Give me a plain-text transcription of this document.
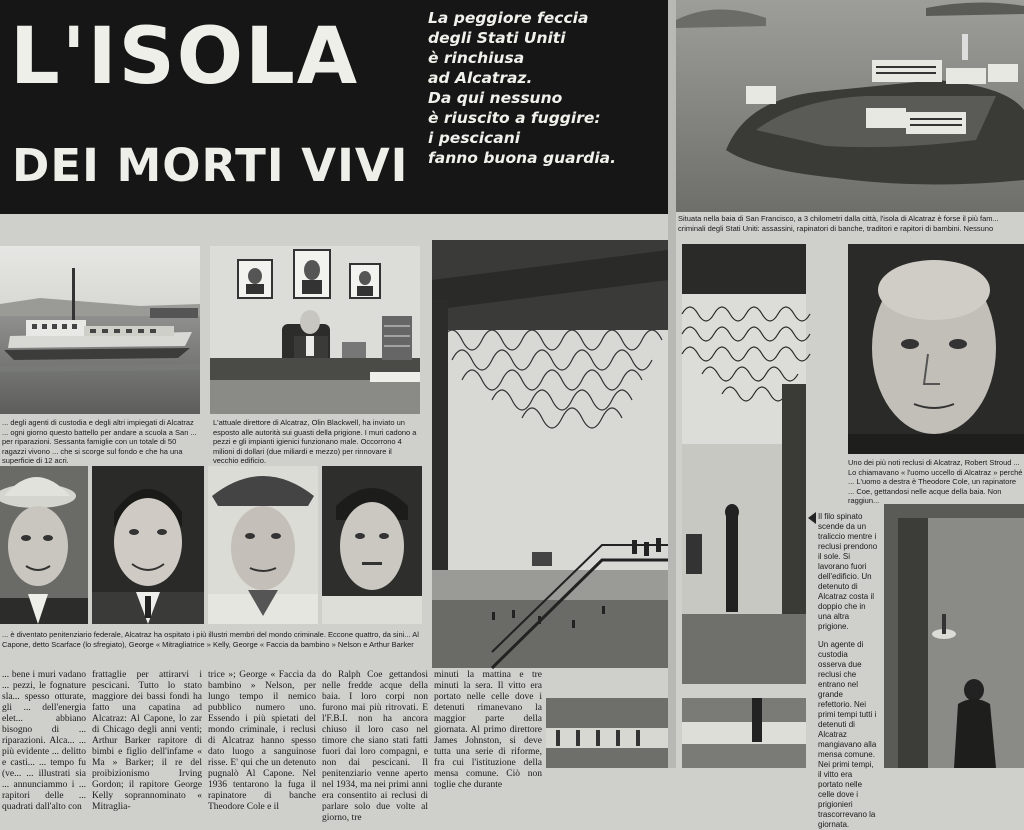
L'ISOLA
DEI MORTI VIVI
La peggiore feccia
degli Stati Uniti
è rinchiusa
ad Alcatraz.
Da qui nessuno
è riuscito a fuggire:
i pescicani
fanno buona guardia.
... degli agenti di custodia e degli altri impiegati di Alcatraz ... ogni giorno questo battello per andare a scuola a San ... per riparazioni. Sessanta famiglie con un totale di 50 ragazzi vivono ... che si scorge sul fondo e che ha una superficie di 12 acri.
L'attuale direttore di Alcatraz, Olin Blackwell, ha inviato un esposto alle autorità sui guasti della prigione. I muri cadono a pezzi e gli impianti igienici funzionano male. Occorrono 4 milioni di dollari (due miliardi e mezzo) per rinnovare il vecchio edificio.
... è diventato penitenziario federale, Alcatraz ha ospitato i più illustri membri del mondo criminale. Eccone quattro, da sini... Al Capone, detto Scarface (lo sfregiato), George « Mitragliatrice » Kelly, George « Faccia da bambino » Nelson e Arthur Barker
... bene i muri vadano ... pezzi, le fognature sla... spesso otturate, gli ... dell'energia elet... abbiano bisogno di ... riparazioni. Alca... ... più evidente ... delitto e casti... ... tempo fu (ve... ... illustrati sia ... annunciammo i ... rapitori delle ... quadrati dall'alto con
frattaglie per attirarvi i pescicani. Tutto lo stato maggiore dei bassi fondi ha fatto una capatina ad Alcatraz: Al Capone, lo zar di Chicago degli anni venti; Arthur Barker rapitore di bimbi e figlio dell'infame « Ma » Barker; il re del proibizionismo Irving Gordon; il rapitore George Kelly soprannominato « Mitraglia-
trice »; George « Faccia da bambino » Nelson, per lungo tempo il nemico pubblico numero uno. Essendo i più spietati del mondo criminale, i reclusi di Alcatraz hanno spesso dato luogo a sanguinose risse. E' qui che un detenuto pugnalò Al Capone. Nel 1936 tentarono la fuga il rapinatore di banche Theodore Cole e il
do Ralph Coe gettandosi nelle fredde acque della baia. I loro corpi non furono mai più ritrovati. E l'F.B.I. non ha ancora chiuso il loro caso nel timore che siano stati fatti fuori dai loro compagni, e non dai pescicani. Il penitenziario venne aperto nel 1934, ma nei primi anni era consentito ai reclusi di parlare solo due volte al giorno, tre
minuti la mattina e tre minuti la sera. Il vitto era portato nelle celle dove i detenuti rimanevano la maggior parte della giornata. Al primo direttore James Johnston, si deve tutta una serie di riforme, fra cui l'istituzione della mensa comune. Ciò non toglie che durante
Situata nella baia di San Francisco, a 3 chilometri dalla città, l'isola di Alcatraz è forse il più fam... criminali degli Stati Uniti: assassini, rapinatori di banche, traditori e rapitori di bambini. Nessuno
Il filo spinato scende da un traliccio mentre i reclusi prendono il sole. Si lavorano fuori dell'edificio. Un detenuto di Alcatraz costa il doppio che in una altra prigione.
Un agente di custodia osserva due reclusi che entrano nel grande refettorio. Nei primi tempi tutti i detenuti di Alcatraz mangiavano alla mensa comune. Nei primi tempi, il vitto era portato nelle celle dove i prigionieri trascorrevano la giornata.
Uno dei più noti reclusi di Alcatraz, Robert Stroud ... Lo chiamavano « l'uomo uccello di Alcatraz » perché ... L'uomo a destra è Theodore Cole, un rapinatore ... Coe, gettandosi nelle acque della baia. Non raggiun...
